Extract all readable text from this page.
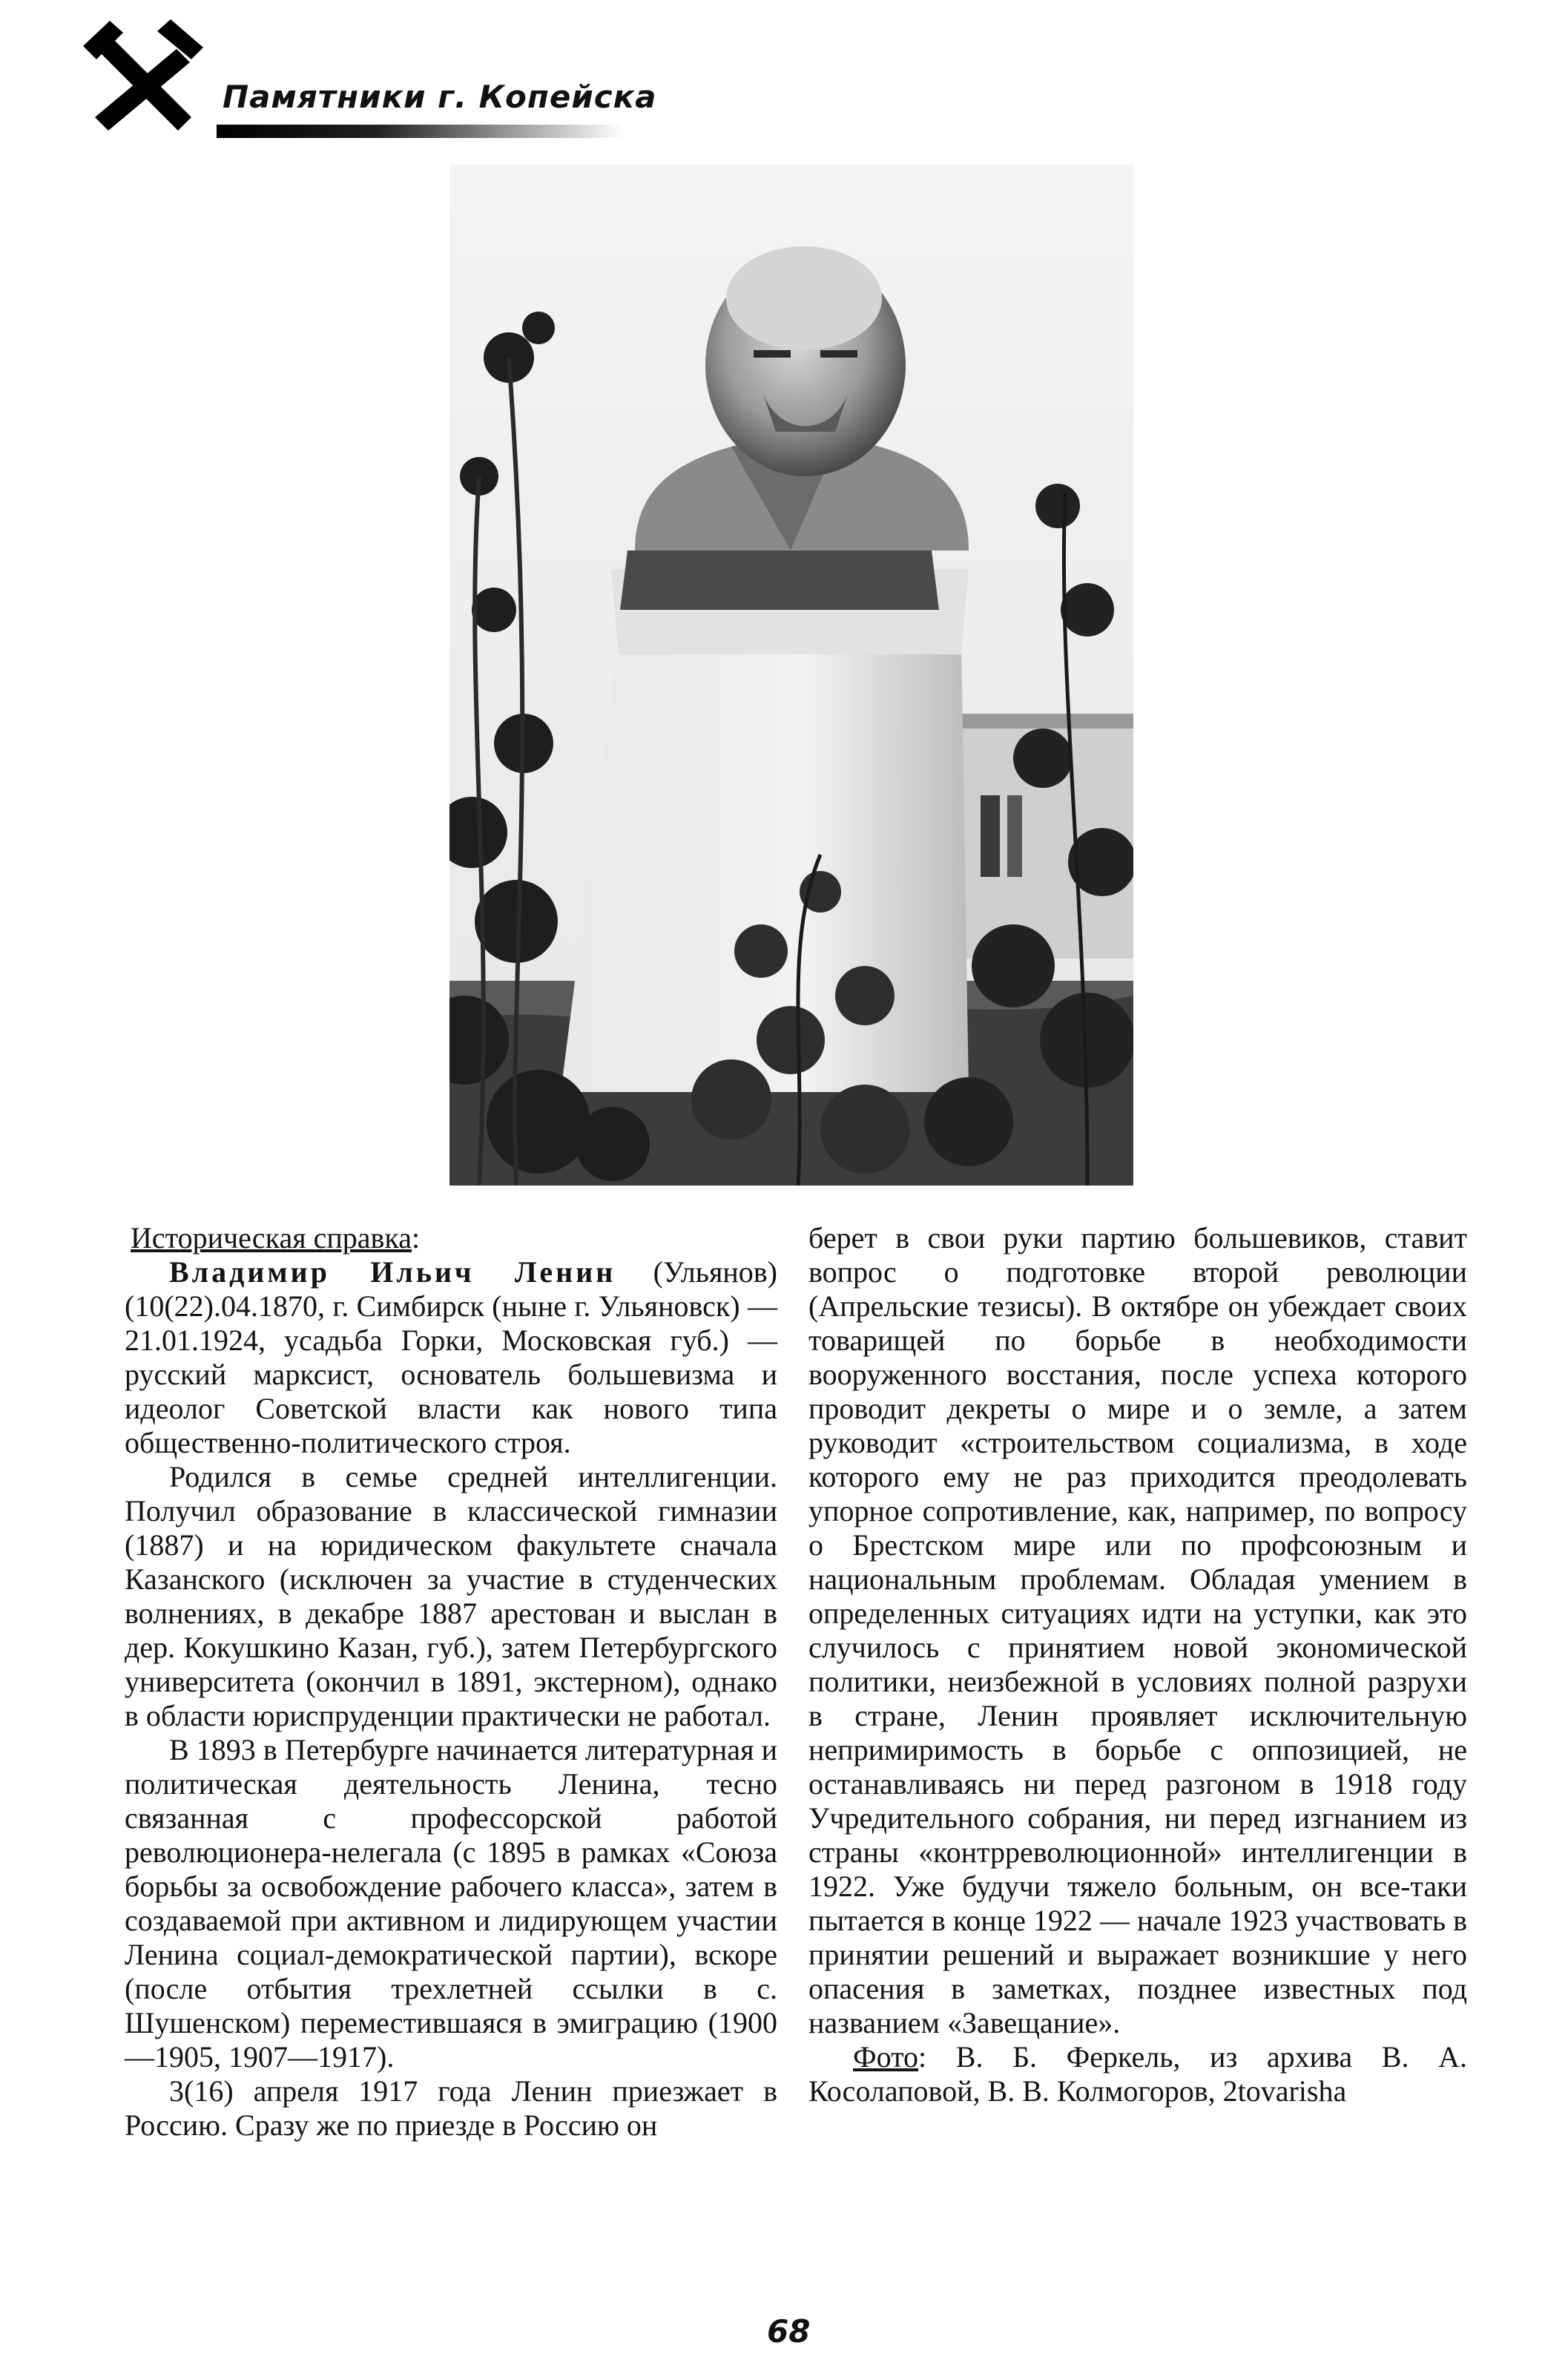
Памятники г. Копейска

Историческая справка:

Владимир Ильич Ленин (Ульянов) (10(22).04.1870, г. Симбирск (ныне г. Ульяновск) — 21.01.1924, усадьба Горки, Московская губ.) — русский марксист, основатель большевизма и идеолог Советской власти как нового типа общественно-политического строя.

Родился в семье средней интеллигенции. Получил образование в классической гимназии (1887) и на юридическом факультете сначала Казанского (исключен за участие в студенческих волнениях, в декабре 1887 арестован и выслан в дер. Кокушкино Казан, губ.), затем Петербургского университета (окончил в 1891, экстерном), однако в области юриспруденции практически не работал.

В 1893 в Петербурге начинается литературная и политическая деятельность Ленина, тесно связанная с профессорской работой революционера-нелегала (с 1895 в рамках «Союза борьбы за освобождение рабочего класса», затем в создаваемой при активном и лидирующем участии Ленина социал-демократической партии), вскоре (после отбытия трехлетней ссылки в с. Шушенском) переместившаяся в эмиграцию (1900—1905, 1907—1917).

3(16) апреля 1917 года Ленин приезжает в Россию. Сразу же по приезде в Россию он

берет в свои руки партию большевиков, ставит вопрос о подготовке второй революции (Апрельские тезисы). В октябре он убеждает своих товарищей по борьбе в необходимости вооруженного восстания, после успеха которого проводит декреты о мире и о земле, а затем руководит «строительством социализма, в ходе которого ему не раз приходится преодолевать упорное сопротивление, как, например, по вопросу о Брестском мире или по профсоюзным и национальным проблемам. Обладая умением в определенных ситуациях идти на уступки, как это случилось с принятием новой экономической политики, неизбежной в условиях полной разрухи в стране, Ленин проявляет исключительную непримиримость в борьбе с оппозицией, не останавливаясь ни перед разгоном в 1918 году Учредительного собрания, ни перед изгнанием из страны «контрреволюционной» интеллигенции в 1922. Уже будучи тяжело больным, он все-таки пытается в конце 1922 — начале 1923 участвовать в принятии решений и выражает возникшие у него опасения в заметках, позднее известных под названием «Завещание».

Фото: В. Б. Феркель, из архива В. А. Косолаповой, В. В. Колмогоров, 2tovarisha

68
